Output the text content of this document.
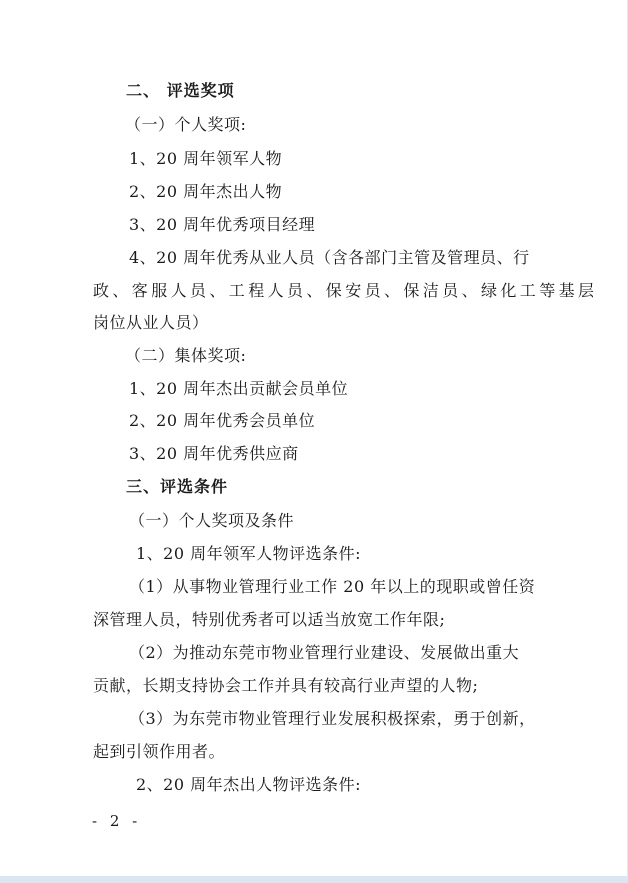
二、 评选奖项
（一）个人奖项:
1、20 周年领军人物
2、20 周年杰出人物
3、20 周年优秀项目经理
4、20 周年优秀从业人员（含各部门主管及管理员、行
政、客服人员、工程人员、保安员、保洁员、绿化工等基层
岗位从业人员）
（二）集体奖项:
1、20 周年杰出贡献会员单位
2、20 周年优秀会员单位
3、20 周年优秀供应商
三、评选条件
（一）个人奖项及条件
1、20 周年领军人物评选条件:
（1）从事物业管理行业工作 20 年以上的现职或曾任资
深管理人员，特别优秀者可以适当放宽工作年限;
（2）为推动东莞市物业管理行业建设、发展做出重大
贡献，长期支持协会工作并具有较高行业声望的人物;
（3）为东莞市物业管理行业发展积极探索，勇于创新，
起到引领作用者。
2、20 周年杰出人物评选条件:
- 2 -
